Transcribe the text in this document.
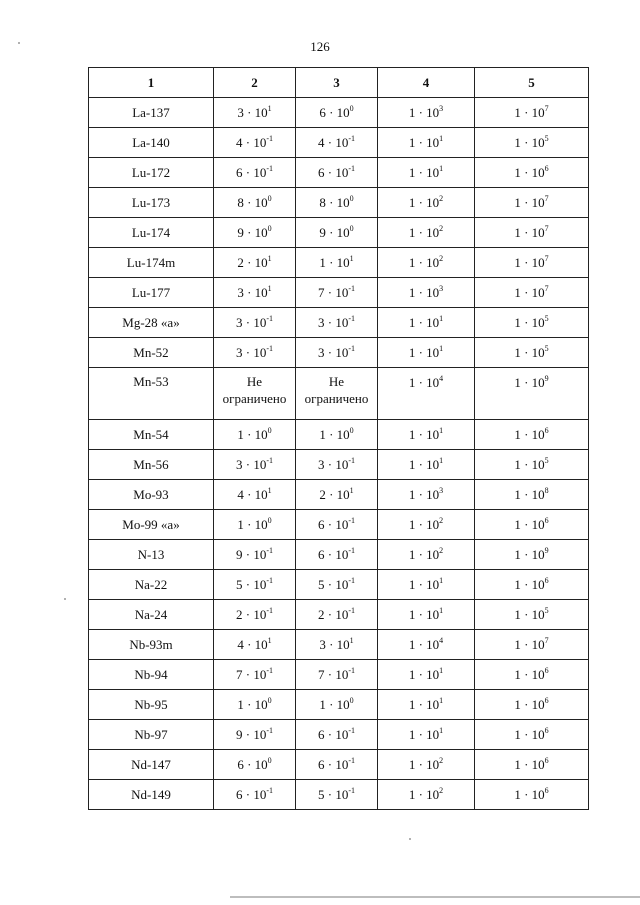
126
1	2	3	4	5
La-137	$3 \cdot 10^1$	$6 \cdot 10^0$	$1 \cdot 10^3$	$1 \cdot 10^7$
La-140	$4 \cdot 10^{-1}$	$4 \cdot 10^{-1}$	$1 \cdot 10^1$	$1 \cdot 10^5$
Lu-172	$6 \cdot 10^{-1}$	$6 \cdot 10^{-1}$	$1 \cdot 10^1$	$1 \cdot 10^6$
Lu-173	$8 \cdot 10^0$	$8 \cdot 10^0$	$1 \cdot 10^2$	$1 \cdot 10^7$
Lu-174	$9 \cdot 10^0$	$9 \cdot 10^0$	$1 \cdot 10^2$	$1 \cdot 10^7$
Lu-174m	$2 \cdot 10^1$	$1 \cdot 10^1$	$1 \cdot 10^2$	$1 \cdot 10^7$
Lu-177	$3 \cdot 10^1$	$7 \cdot 10^{-1}$	$1 \cdot 10^3$	$1 \cdot 10^7$
Mg-28 «а»	$3 \cdot 10^{-1}$	$3 \cdot 10^{-1}$	$1 \cdot 10^1$	$1 \cdot 10^5$
Mn-52	$3 \cdot 10^{-1}$	$3 \cdot 10^{-1}$	$1 \cdot 10^1$	$1 \cdot 10^5$
Mn-53	Не ограничено	Не ограничено	$1 \cdot 10^4$	$1 \cdot 10^9$
Mn-54	$1 \cdot 10^0$	$1 \cdot 10^0$	$1 \cdot 10^1$	$1 \cdot 10^6$
Mn-56	$3 \cdot 10^{-1}$	$3 \cdot 10^{-1}$	$1 \cdot 10^1$	$1 \cdot 10^5$
Mo-93	$4 \cdot 10^1$	$2 \cdot 10^1$	$1 \cdot 10^3$	$1 \cdot 10^8$
Mo-99 «а»	$1 \cdot 10^0$	$6 \cdot 10^{-1}$	$1 \cdot 10^2$	$1 \cdot 10^6$
N-13	$9 \cdot 10^{-1}$	$6 \cdot 10^{-1}$	$1 \cdot 10^2$	$1 \cdot 10^9$
Na-22	$5 \cdot 10^{-1}$	$5 \cdot 10^{-1}$	$1 \cdot 10^1$	$1 \cdot 10^6$
Na-24	$2 \cdot 10^{-1}$	$2 \cdot 10^{-1}$	$1 \cdot 10^1$	$1 \cdot 10^5$
Nb-93m	$4 \cdot 10^1$	$3 \cdot 10^1$	$1 \cdot 10^4$	$1 \cdot 10^7$
Nb-94	$7 \cdot 10^{-1}$	$7 \cdot 10^{-1}$	$1 \cdot 10^1$	$1 \cdot 10^6$
Nb-95	$1 \cdot 10^0$	$1 \cdot 10^0$	$1 \cdot 10^1$	$1 \cdot 10^6$
Nb-97	$9 \cdot 10^{-1}$	$6 \cdot 10^{-1}$	$1 \cdot 10^1$	$1 \cdot 10^6$
Nd-147	$6 \cdot 10^0$	$6 \cdot 10^{-1}$	$1 \cdot 10^2$	$1 \cdot 10^6$
Nd-149	$6 \cdot 10^{-1}$	$5 \cdot 10^{-1}$	$1 \cdot 10^2$	$1 \cdot 10^6$
